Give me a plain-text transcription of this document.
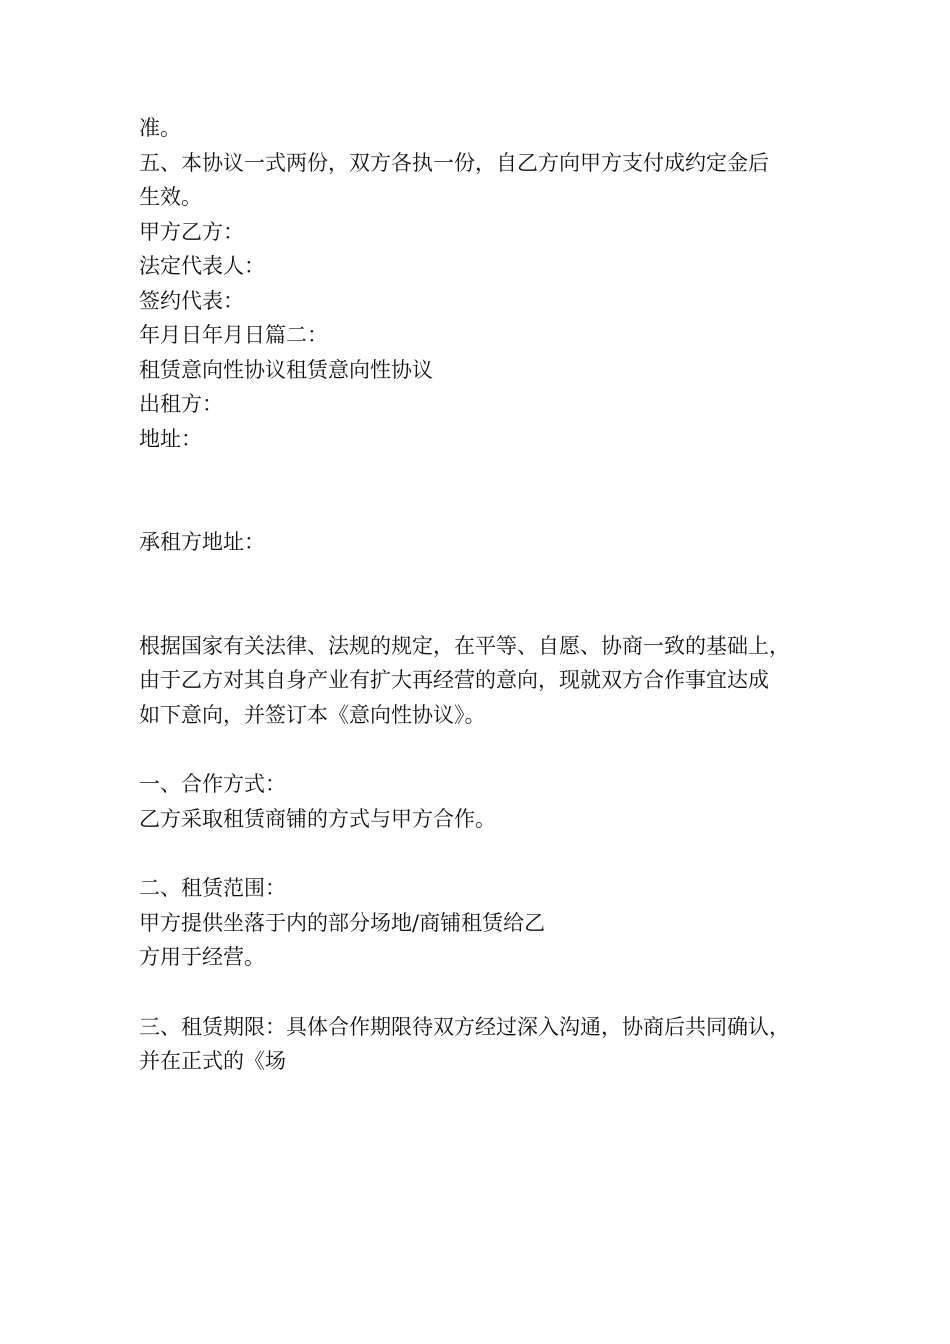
准。
五、本协议一式两份，双方各执一份，自乙方向甲方支付成约定金后
生效。
甲方乙方：
法定代表人：
签约代表：
年月日年月日篇二：
租赁意向性协议租赁意向性协议
出租方：
地址：
承租方地址：
根据国家有关法律、法规的规定，在平等、自愿、协商一致的基础上，
由于乙方对其自身产业有扩大再经营的意向，现就双方合作事宜达成
如下意向，并签订本《意向性协议》。
一、合作方式：
乙方采取租赁商铺的方式与甲方合作。
二、租赁范围：
甲方提供坐落于内的部分场地/商铺租赁给乙
方用于经营。
三、租赁期限：具体合作期限待双方经过深入沟通，协商后共同确认，
并在正式的《场
